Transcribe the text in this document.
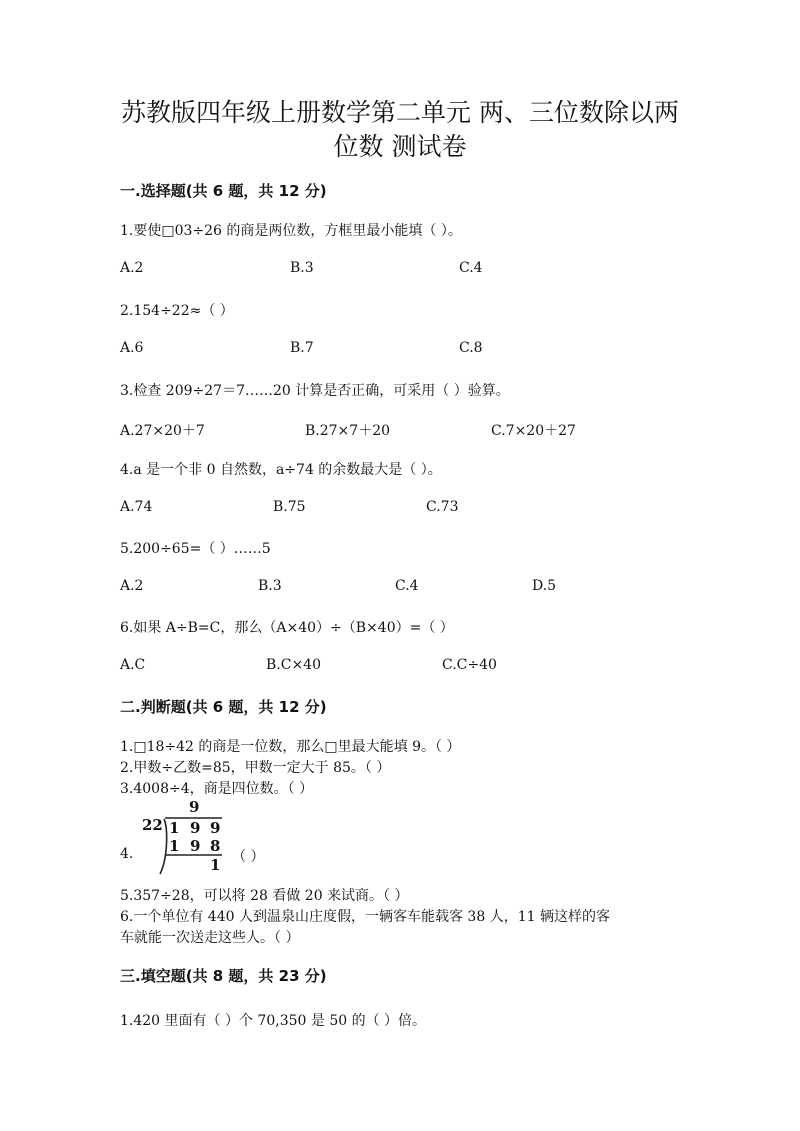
苏教版四年级上册数学第二单元 两、三位数除以两
位数 测试卷
一.选择题(共 6 题，共 12 分)
1.要使□03÷26 的商是两位数，方框里最小能填（ ）。
A.2	B.3	C.4
2.154÷22≈（ ）
A.6	B.7	C.8
3.检查 209÷27＝7……20 计算是否正确，可采用（ ）验算。
A.27×20＋7	B.27×7＋20	C.7×20＋27
4.a 是一个非 0 自然数，a÷74 的余数最大是（ ）。
A.74	B.75	C.73
5.200÷65=（ ）……5
A.2	B.3	C.4	D.5
6.如果 A÷B=C，那么（A×40）÷（B×40）=（ ）
A.C	B.C×40	C.C÷40
二.判断题(共 6 题，共 12 分)
1.□18÷42 的商是一位数，那么□里最大能填 9。（ ）
2.甲数÷乙数=85，甲数一定大于 85。（ ）
3.4008÷4，商是四位数。（ ）
4.
22
9
1 9 9
1 9 8
1 （ ）
5.357÷28，可以将 28 看做 20 来试商。（ ）
6.一个单位有 440 人到温泉山庄度假，一辆客车能载客 38 人，11 辆这样的客
车就能一次送走这些人。（ ）
三.填空题(共 8 题，共 23 分)
1.420 里面有（ ）个 70,350 是 50 的（ ）倍。
